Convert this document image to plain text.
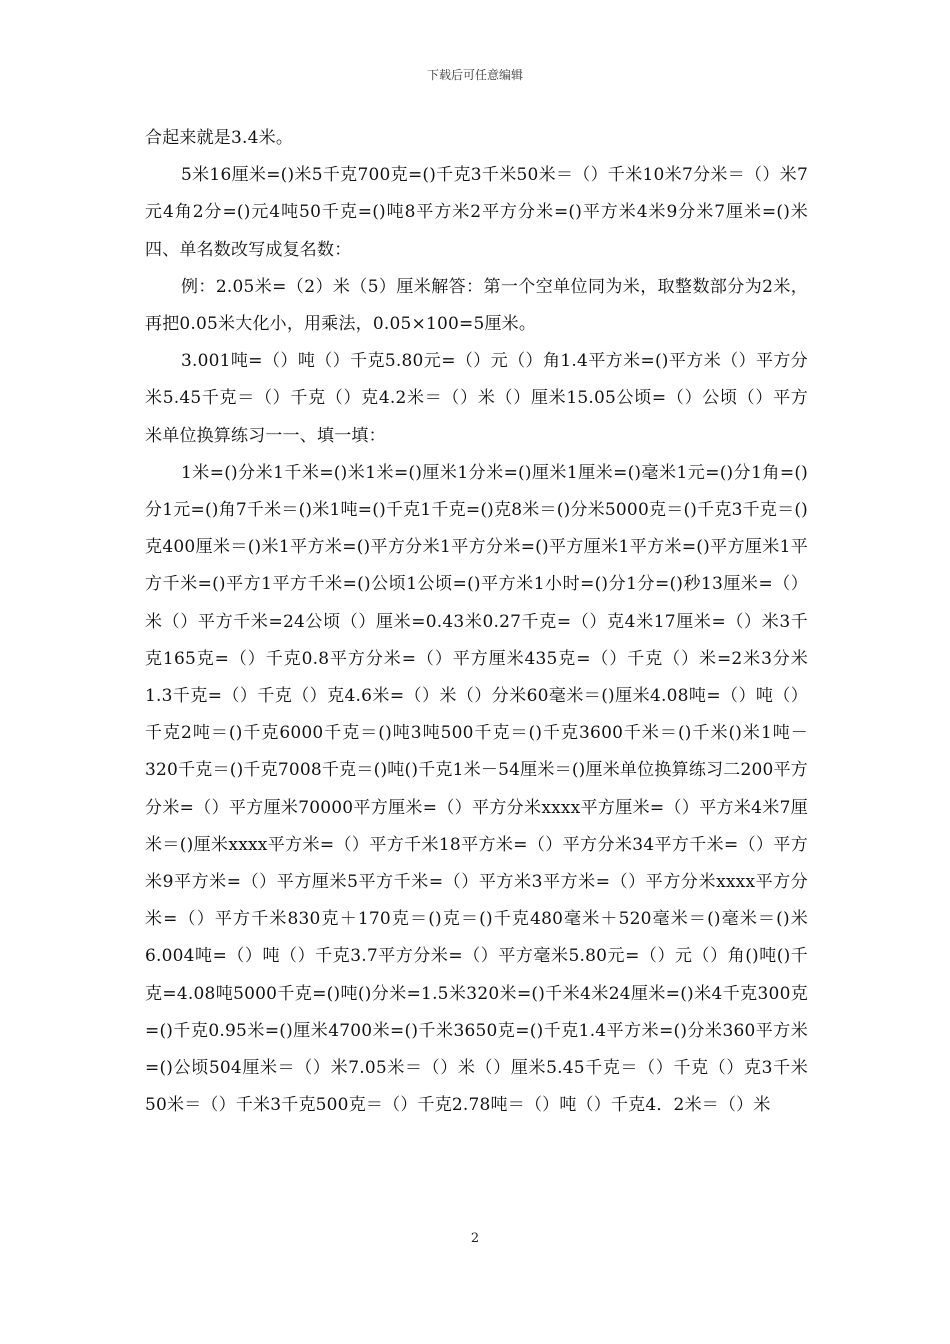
下载后可任意编辑

合起来就是3.4米。

5米16厘米=()米5千克700克=()千克3千米50米＝（）千米10米7分米＝（）米7元4角2分=()元4吨50千克=()吨8平方米2平方分米=()平方米4米9分米7厘米=()米四、单名数改写成复名数：

例：2.05米=（2）米（5）厘米解答：第一个空单位同为米，取整数部分为2米，再把0.05米大化小，用乘法，0.05×100=5厘米。

3.001吨=（）吨（）千克5.80元=（）元（）角1.4平方米=()平方米（）平方分米5.45千克＝（）千克（）克4.2米＝（）米（）厘米15.05公顷=（）公顷（）平方米单位换算练习一一、填一填：

1米=()分米1千米=()米1米=()厘米1分米=()厘米1厘米=()毫米1元=()分1角=()分1元=()角7千米＝()米1吨=()千克1千克=()克8米＝()分米5000克＝()千克3千克＝()克400厘米＝()米1平方米=()平方分米1平方分米=()平方厘米1平方米=()平方厘米1平方千米=()平方1平方千米=()公顷1公顷=()平方米1小时=()分1分=()秒13厘米=（）米（）平方千米=24公顷（）厘米=0.43米0.27千克=（）克4米17厘米=（）米3千克165克=（）千克0.8平方分米=（）平方厘米435克=（）千克（）米=2米3分米1.3千克=（）千克（）克4.6米=（）米（）分米60毫米＝()厘米4.08吨=（）吨（）千克2吨＝()千克6000千克＝()吨3吨500千克＝()千克3600千米＝()千米()米1吨－320千克＝()千克7008千克＝()吨()千克1米－54厘米＝()厘米单位换算练习二200平方分米=（）平方厘米70000平方厘米=（）平方分米xxxx平方厘米=（）平方米4米7厘米＝()厘米xxxx平方米=（）平方千米18平方米=（）平方分米34平方千米=（）平方米9平方米=（）平方厘米5平方千米=（）平方米3平方米=（）平方分米xxxx平方分米=（）平方千米830克＋170克＝()克＝()千克480毫米＋520毫米＝()毫米＝()米6.004吨=（）吨（）千克3.7平方分米=（）平方毫米5.80元=（）元（）角()吨()千克=4.08吨5000千克=()吨()分米=1.5米320米=()千米4米24厘米=()米4千克300克=()千克0.95米=()厘米4700米=()千米3650克=()千克1.4平方米=()分米360平方米=()公顷504厘米＝（）米7.05米＝（）米（）厘米5.45千克＝（）千克（）克3千米50米＝（）千米3千克500克＝（）千克2.78吨＝（）吨（）千克4．2米＝（）米

2
